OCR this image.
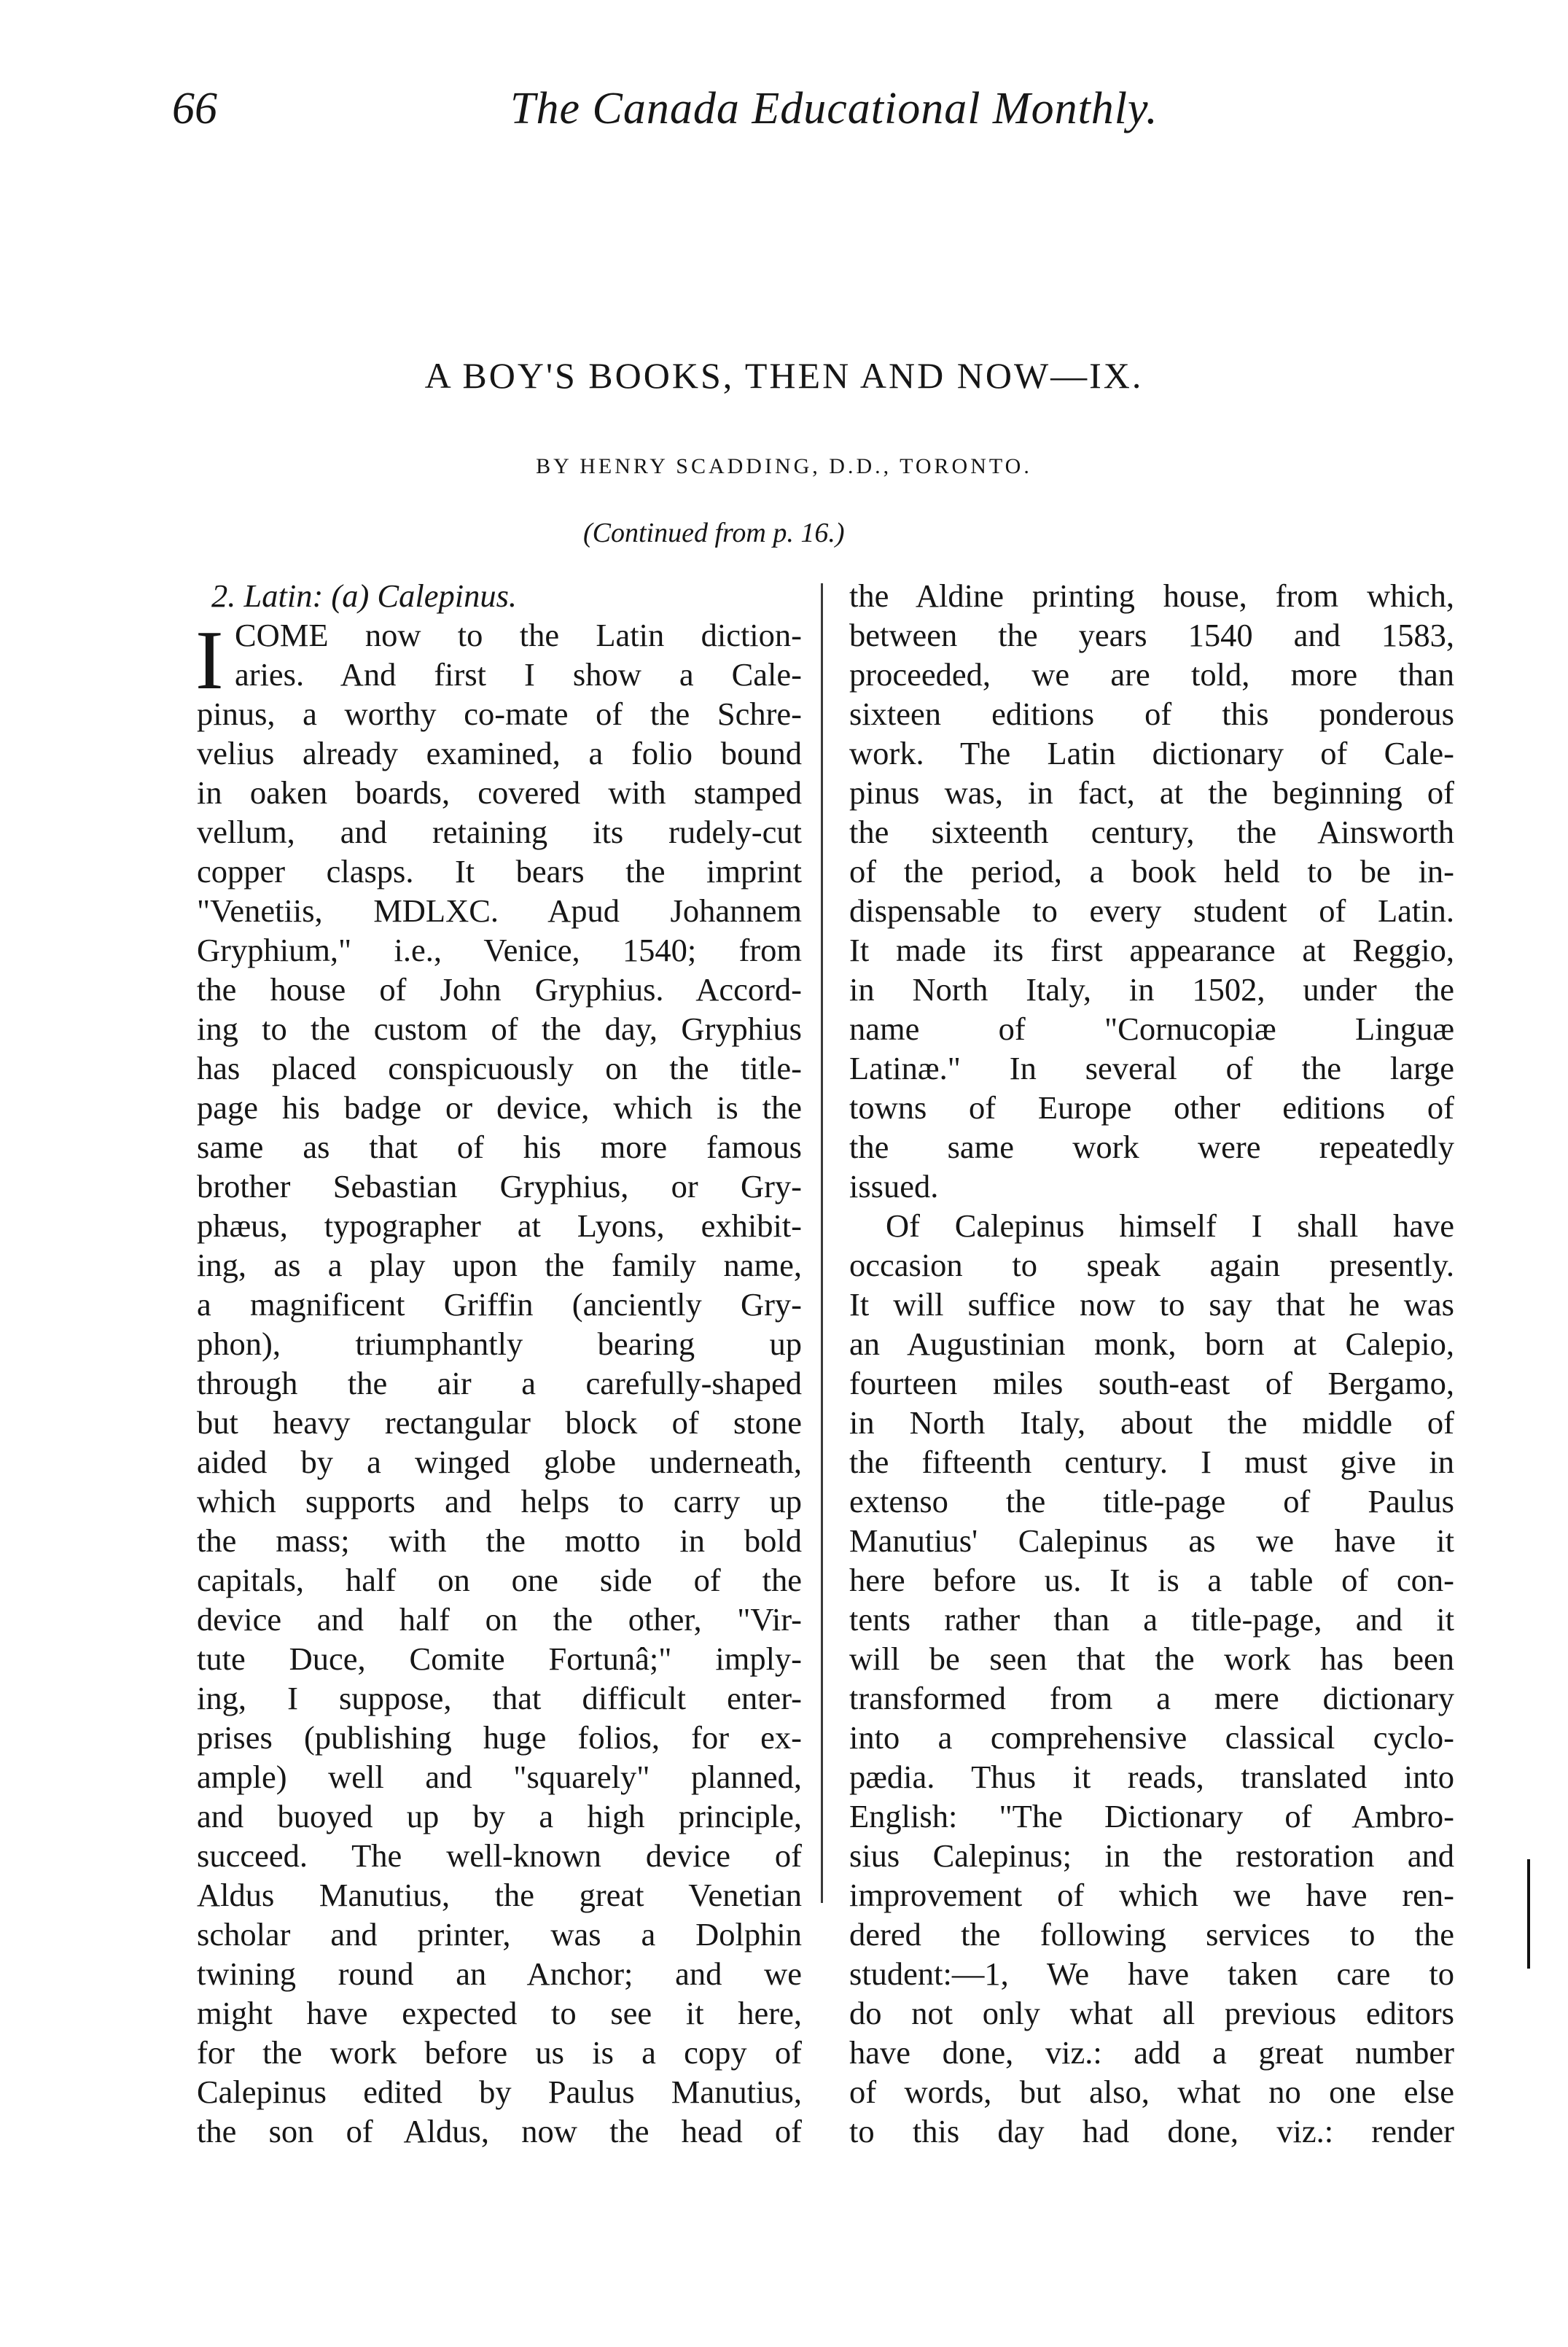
66	The Canada Educational Monthly.
A BOY'S BOOKS, THEN AND NOW—IX.
BY HENRY SCADDING, D.D., TORONTO.
(Continued from p. 16.)
2. Latin: (a) Calepinus.
I COME now to the Latin diction-
aries. And first I show a Cale-
pinus, a worthy co-mate of the Schre-
velius already examined, a folio bound
in oaken boards, covered with stamped
vellum, and retaining its rudely-cut
copper clasps. It bears the imprint
"Venetiis, MDLXC. Apud Johannem
Gryphium," i.e., Venice, 1540; from
the house of John Gryphius. Accord-
ing to the custom of the day, Gryphius
has placed conspicuously on the title-
page his badge or device, which is the
same as that of his more famous
brother Sebastian Gryphius, or Gry-
phæus, typographer at Lyons, exhibit-
ing, as a play upon the family name,
a magnificent Griffin (anciently Gry-
phon), triumphantly bearing up
through the air a carefully-shaped
but heavy rectangular block of stone
aided by a winged globe underneath,
which supports and helps to carry up
the mass; with the motto in bold
capitals, half on one side of the
device and half on the other, "Vir-
tute Duce, Comite Fortunâ;" imply-
ing, I suppose, that difficult enter-
prises (publishing huge folios, for ex-
ample) well and "squarely" planned,
and buoyed up by a high principle,
succeed. The well-known device of
Aldus Manutius, the great Venetian
scholar and printer, was a Dolphin
twining round an Anchor; and we
might have expected to see it here,
for the work before us is a copy of
Calepinus edited by Paulus Manutius,
the son of Aldus, now the head of
the Aldine printing house, from which,
between the years 1540 and 1583,
proceeded, we are told, more than
sixteen editions of this ponderous
work. The Latin dictionary of Cale-
pinus was, in fact, at the beginning of
the sixteenth century, the Ainsworth
of the period, a book held to be in-
dispensable to every student of Latin.
It made its first appearance at Reggio,
in North Italy, in 1502, under the
name of "Cornucopiæ Linguæ
Latinæ." In several of the large
towns of Europe other editions of
the same work were repeatedly
issued.
Of Calepinus himself I shall have
occasion to speak again presently.
It will suffice now to say that he was
an Augustinian monk, born at Calepio,
fourteen miles south-east of Bergamo,
in North Italy, about the middle of
the fifteenth century. I must give in
extenso the title-page of Paulus
Manutius' Calepinus as we have it
here before us. It is a table of con-
tents rather than a title-page, and it
will be seen that the work has been
transformed from a mere dictionary
into a comprehensive classical cyclo-
pædia. Thus it reads, translated into
English: "The Dictionary of Ambro-
sius Calepinus; in the restoration and
improvement of which we have ren-
dered the following services to the
student:—1, We have taken care to
do not only what all previous editors
have done, viz.: add a great number
of words, but also, what no one else
to this day had done, viz.: render
